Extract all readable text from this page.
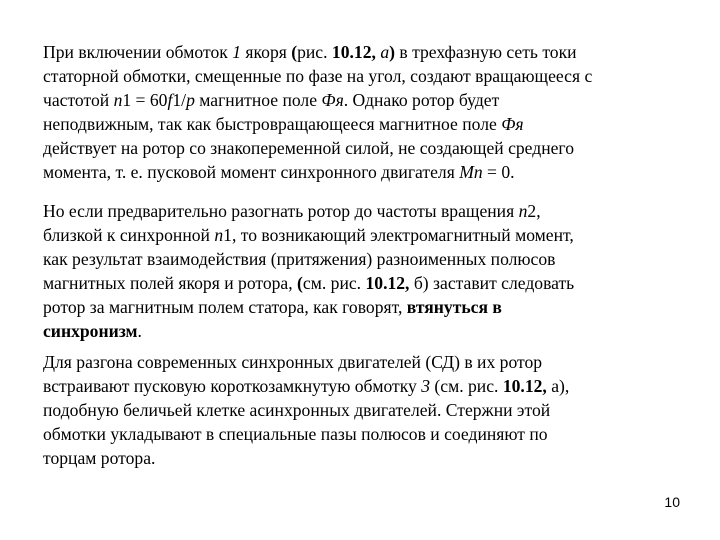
При включении обмоток 1 якоря (рис. 10.12, а) в трехфазную сеть токи
статорной обмотки, смещенные по фазе на угол, создают вращающееся с
частотой n1 = 60f1/p магнитное поле Фя. Однако ротор будет
неподвижным, так как быстровращающееся магнитное поле Фя
действует на ротор со знакопеременной силой, не создающей среднего
момента, т. е. пусковой момент синхронного двигателя Мп = 0.
Но если предварительно разогнать ротор до частоты вращения n2,
близкой к синхронной n1, то возникающий электромагнитный момент,
как результат взаимодействия (притяжения) разноименных полюсов
магнитных полей якоря и ротора, (см. рис. 10.12, б) заставит следовать
ротор за магнитным полем статора, как говорят, втянуться в
синхронизм.
Для разгона современных синхронных двигателей (СД) в их ротор
встраивают пусковую короткозамкнутую обмотку 3 (см. рис. 10.12, а),
подобную беличьей клетке асинхронных двигателей. Стержни этой
обмотки укладывают в специальные пазы полюсов и соединяют по
торцам ротора.
10
